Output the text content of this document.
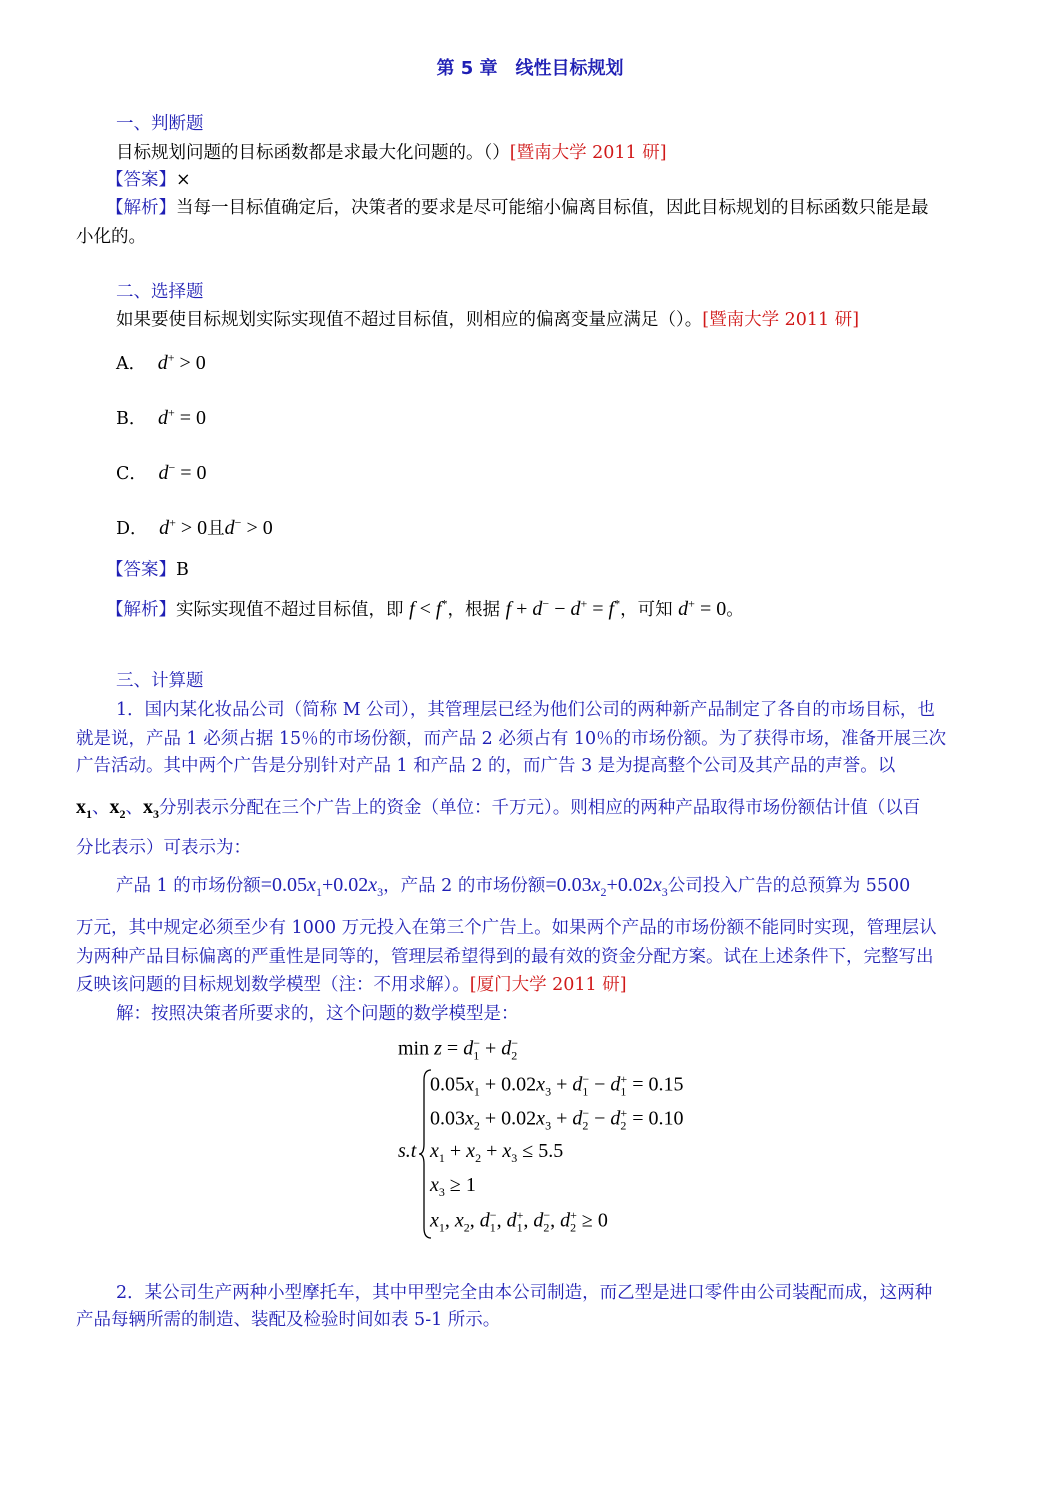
第 5 章　线性目标规划
一、判断题
目标规划问题的目标函数都是求最大化问题的。（）[暨南大学 2011 研]
【答案】×
【解析】当每一目标值确定后，决策者的要求是尽可能缩小偏离目标值，因此目标规划的目标函数只能是最
小化的。
二、选择题
如果要使目标规划实际实现值不超过目标值，则相应的偏离变量应满足（）。[暨南大学 2011 研]
A． d+ > 0
B． d+ = 0
C． d− = 0
D． d+ > 0且d− > 0
【答案】B
【解析】实际实现值不超过目标值，即 f < f*，根据 f + d− − d+ = f*，可知 d+ = 0。
三、计算题
1．国内某化妆品公司（简称 M 公司），其管理层已经为他们公司的两种新产品制定了各自的市场目标，也
就是说，产品 1 必须占据 15％的市场份额，而产品 2 必须占有 10％的市场份额。为了获得市场，准备开展三次
广告活动。其中两个广告是分别针对产品 1 和产品 2 的，而广告 3 是为提高整个公司及其产品的声誉。以
$x_1$、$x_2$、$x_3$分别表示分配在三个广告上的资金（单位：千万元）。则相应的两种产品取得市场份额估计值（以百
分比表示）可表示为：
产品 1 的市场份额$=0.05x_1+0.02x_3$，产品 2 的市场份额$=0.03x_2+0.02x_3$公司投入广告的总预算为 5500
万元，其中规定必须至少有 1000 万元投入在第三个广告上。如果两个产品的市场份额不能同时实现，管理层认
为两种产品目标偏离的严重性是同等的，管理层希望得到的最有效的资金分配方案。试在上述条件下，完整写出
反映该问题的目标规划数学模型（注：不用求解）。[厦门大学 2011 研]
解：按照决策者所要求的，这个问题的数学模型是：
$\min z = d_1^- + d_2^-$
s.t
$0.05x_1 + 0.02x_3 + d_1^- - d_1^+ = 0.15$
$0.03x_2 + 0.02x_3 + d_2^- - d_2^+ = 0.10$
$x_1 + x_2 + x_3 \le 5.5$
$x_3 \ge 1$
$x_1$, $x_2$, $d_1^-$, $d_1^+$, $d_2^-$, $d_2^+ \ge 0$
2．某公司生产两种小型摩托车，其中甲型完全由本公司制造，而乙型是进口零件由公司装配而成，这两种
产品每辆所需的制造、装配及检验时间如表 5-1 所示。
